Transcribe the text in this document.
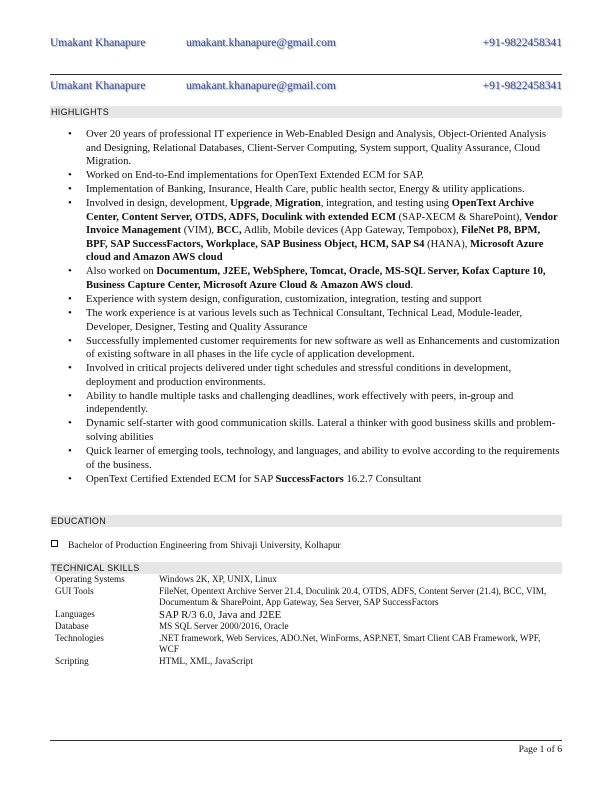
Umakant Khanapure	umakant.khanapure@gmail.com	+91-9822458341
Umakant Khanapure	umakant.khanapure@gmail.com	+91-9822458341
HIGHLIGHTS
• Over 20 years of professional IT experience in Web-Enabled Design and Analysis, Object-Oriented Analysis and Designing, Relational Databases, Client-Server Computing, System support, Quality Assurance, Cloud Migration.
• Worked on End-to-End implementations for OpenText Extended ECM for SAP.
• Implementation of Banking, Insurance, Health Care, public health sector, Energy & utility applications.
• Involved in design, development, Upgrade, Migration, integration, and testing using OpenText Archive Center, Content Server, OTDS, ADFS, Doculink with extended ECM (SAP-XECM & SharePoint), Vendor Invoice Management (VIM), BCC, Adlib, Mobile devices (App Gateway, Tempobox), FileNet P8, BPM, BPF, SAP SuccessFactors, Workplace, SAP Business Object, HCM, SAP S4 (HANA), Microsoft Azure cloud and Amazon AWS cloud
• Also worked on Documentum, J2EE, WebSphere, Tomcat, Oracle, MS-SQL Server, Kofax Capture 10, Business Capture Center, Microsoft Azure Cloud & Amazon AWS cloud.
• Experience with system design, configuration, customization, integration, testing and support
• The work experience is at various levels such as Technical Consultant, Technical Lead, Module-leader, Developer, Designer, Testing and Quality Assurance
• Successfully implemented customer requirements for new software as well as Enhancements and customization of existing software in all phases in the life cycle of application development.
• Involved in critical projects delivered under tight schedules and stressful conditions in development, deployment and production environments.
• Ability to handle multiple tasks and challenging deadlines, work effectively with peers, in-group and independently.
• Dynamic self-starter with good communication skills. Lateral a thinker with good business skills and problem-solving abilities
• Quick learner of emerging tools, technology, and languages, and ability to evolve according to the requirements of the business.
• OpenText Certified Extended ECM for SAP SuccessFactors 16.2.7 Consultant
EDUCATION
Bachelor of Production Engineering from Shivaji University, Kolhapur
TECHNICAL SKILLS
Operating Systems	Windows 2K, XP, UNIX, Linux
GUI Tools	FileNet, Opentext Archive Server 21.4, Doculink 20.4, OTDS, ADFS, Content Server (21.4), BCC, VIM, Documentum & SharePoint, App Gateway, Sea Server, SAP SuccessFactors
Languages	SAP R/3 6.0, Java and J2EE
Database	MS SQL Server 2000/2016, Oracle
Technologies	.NET framework, Web Services, ADO.Net, WinForms, ASP.NET, Smart Client CAB Framework, WPF, WCF
Scripting	HTML, XML, JavaScript
Page 1 of 6
